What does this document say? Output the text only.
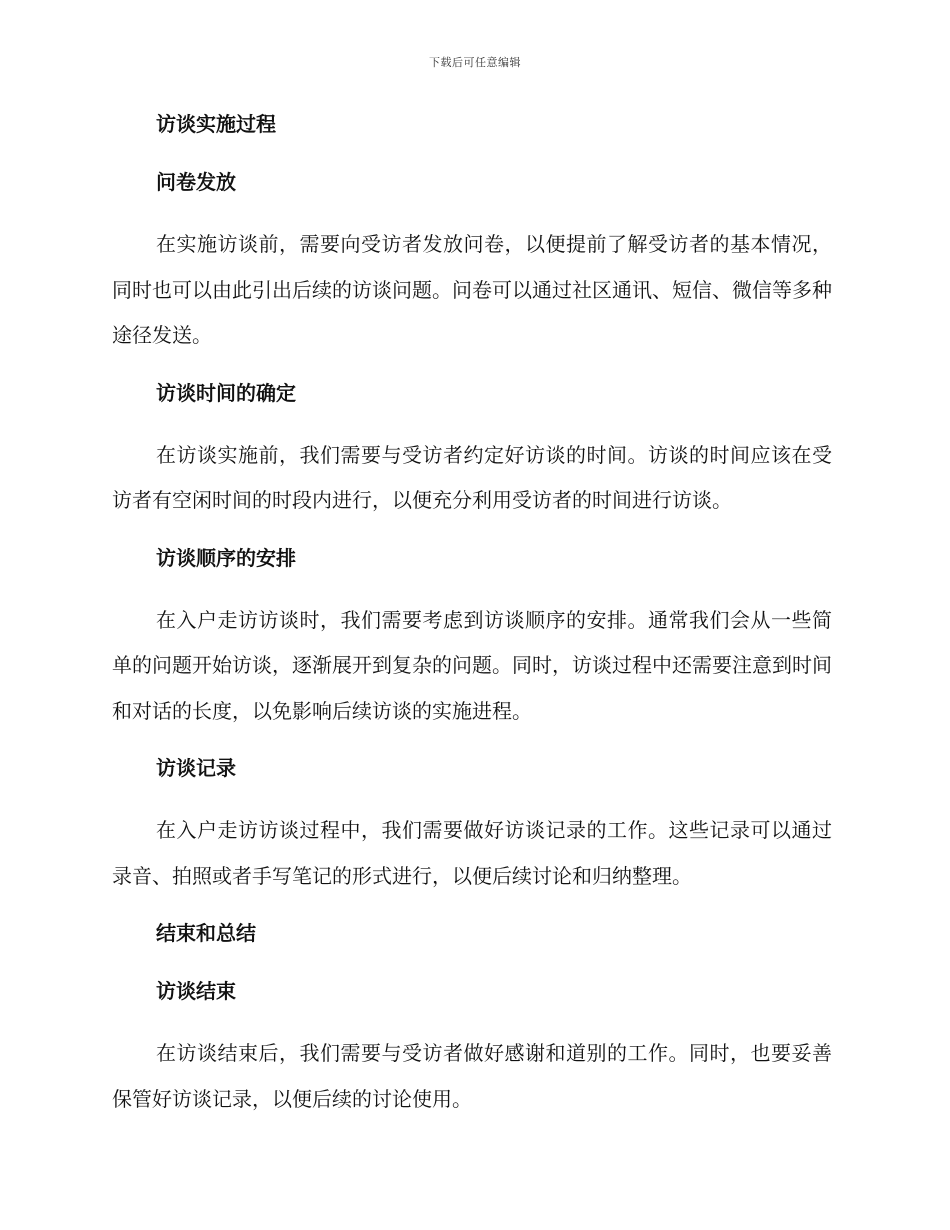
下载后可任意编辑
访谈实施过程
问卷发放
在实施访谈前，需要向受访者发放问卷，以便提前了解受访者的基本情况，同时也可以由此引出后续的访谈问题。问卷可以通过社区通讯、短信、微信等多种途径发送。
访谈时间的确定
在访谈实施前，我们需要与受访者约定好访谈的时间。访谈的时间应该在受访者有空闲时间的时段内进行，以便充分利用受访者的时间进行访谈。
访谈顺序的安排
在入户走访访谈时，我们需要考虑到访谈顺序的安排。通常我们会从一些简单的问题开始访谈，逐渐展开到复杂的问题。同时，访谈过程中还需要注意到时间和对话的长度，以免影响后续访谈的实施进程。
访谈记录
在入户走访访谈过程中，我们需要做好访谈记录的工作。这些记录可以通过录音、拍照或者手写笔记的形式进行，以便后续讨论和归纳整理。
结束和总结
访谈结束
在访谈结束后，我们需要与受访者做好感谢和道别的工作。同时，也要妥善保管好访谈记录，以便后续的讨论使用。
